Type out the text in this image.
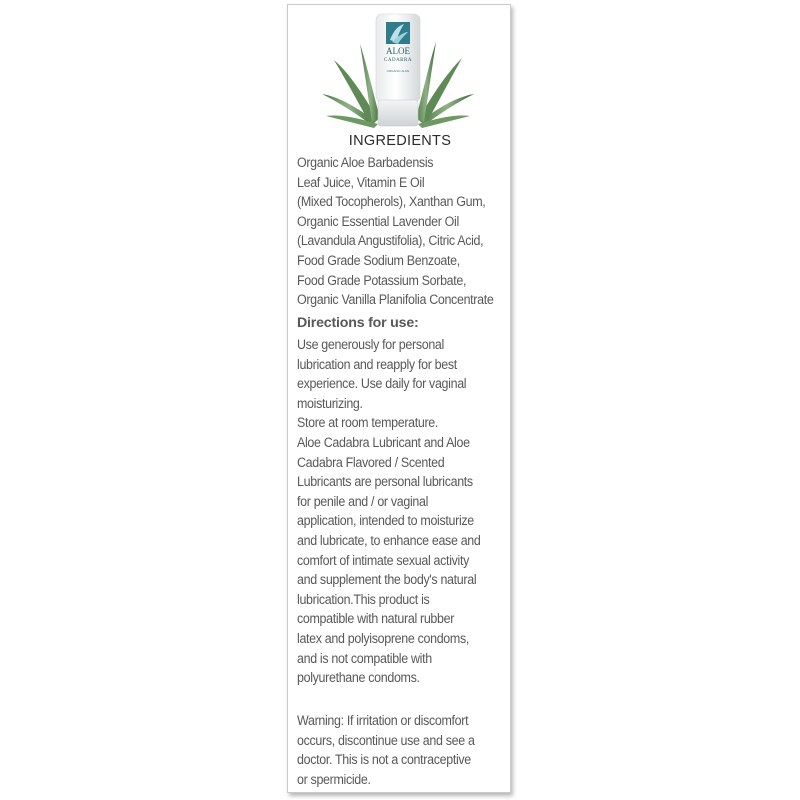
ALOE
CADABRA
ORGANIC ALOE
INGREDIENTS
Organic Aloe Barbadensis
Leaf Juice, Vitamin E Oil
(Mixed Tocopherols), Xanthan Gum,
Organic Essential Lavender Oil
(Lavandula Angustifolia), Citric Acid,
Food Grade Sodium Benzoate,
Food Grade Potassium Sorbate,
Organic Vanilla Planifolia Concentrate
Directions for use:
Use generously for personal
lubrication and reapply for best
experience. Use daily for vaginal
moisturizing.
Store at room temperature.
Aloe Cadabra Lubricant and Aloe
Cadabra Flavored / Scented
Lubricants are personal lubricants
for penile and / or vaginal
application, intended to moisturize
and lubricate, to enhance ease and
comfort of intimate sexual activity
and supplement the body's natural
lubrication.This product is
compatible with natural rubber
latex and polyisoprene condoms,
and is not compatible with
polyurethane condoms.
Warning: If irritation or discomfort
occurs, discontinue use and see a
doctor. This is not a contraceptive
or spermicide.
